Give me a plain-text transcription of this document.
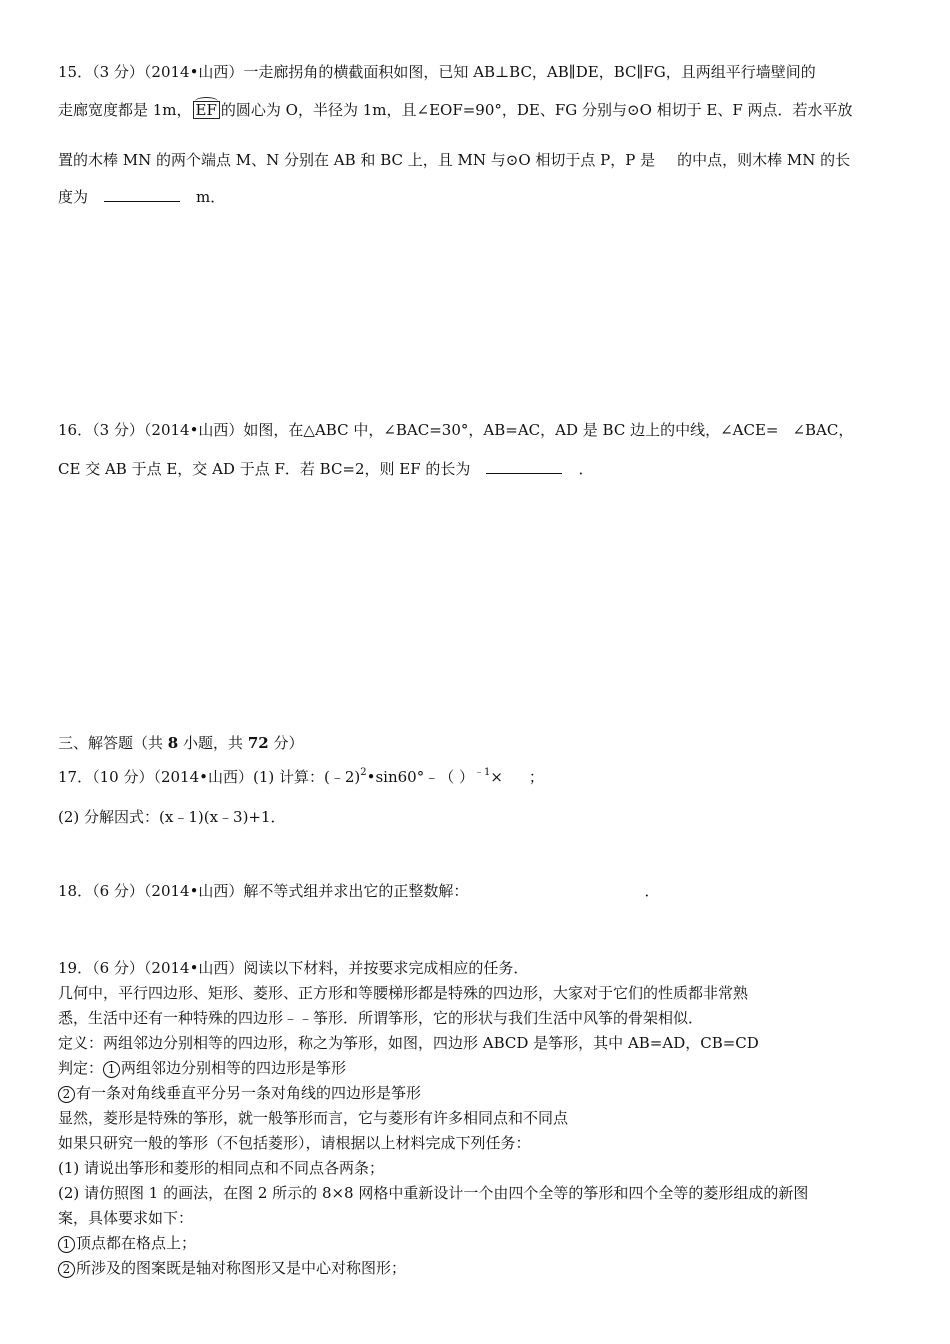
15．（3 分）（2014•山西）一走廊拐角的横截面积如图，已知 AB⊥BC，AB∥DE，BC∥FG，且两组平行墙壁间的
走廊宽度都是 1m， EF 的圆心为 O，半径为 1m，且∠EOF=90°，DE、FG 分别与⊙O 相切于 E、F 两点．若水平放
置的木棒 MN 的两个端点 M、N 分别在 AB 和 BC 上，且 MN 与⊙O 相切于点 P，P 是 的中点，则木棒 MN 的长
度为	m．
16．（3 分）（2014•山西）如图，在△ABC 中，∠BAC=30°，AB=AC，AD 是 BC 边上的中线，∠ACE= ∠BAC，
CE 交 AB 于点 E，交 AD 于点 F．若 BC=2，则 EF 的长为	．
三、解答题（共 8 小题，共 72 分）
17．（10 分）（2014•山西）(1) 计算：(﹣2)$^2$•sin60°﹣（ ）$^{﹣1}$× ；
(2) 分解因式：(x﹣1)(x﹣3)+1．
18．（6 分）（2014•山西）解不等式组并求出它的正整数解：	．
19．（6 分）（2014•山西）阅读以下材料，并按要求完成相应的任务．
几何中，平行四边形、矩形、菱形、正方形和等腰梯形都是特殊的四边形，大家对于它们的性质都非常熟
悉，生活中还有一种特殊的四边形﹣﹣筝形．所谓筝形，它的形状与我们生活中风筝的骨架相似．
定义：两组邻边分别相等的四边形，称之为筝形，如图，四边形 ABCD 是筝形，其中 AB=AD，CB=CD
判定： 1 两组邻边分别相等的四边形是筝形
2 有一条对角线垂直平分另一条对角线的四边形是筝形
显然，菱形是特殊的筝形，就一般筝形而言，它与菱形有许多相同点和不同点
如果只研究一般的筝形（不包括菱形），请根据以上材料完成下列任务：
(1) 请说出筝形和菱形的相同点和不同点各两条；
(2) 请仿照图 1 的画法，在图 2 所示的 8×8 网格中重新设计一个由四个全等的筝形和四个全等的菱形组成的新图
案，具体要求如下：
1 顶点都在格点上；
2 所涉及的图案既是轴对称图形又是中心对称图形；
